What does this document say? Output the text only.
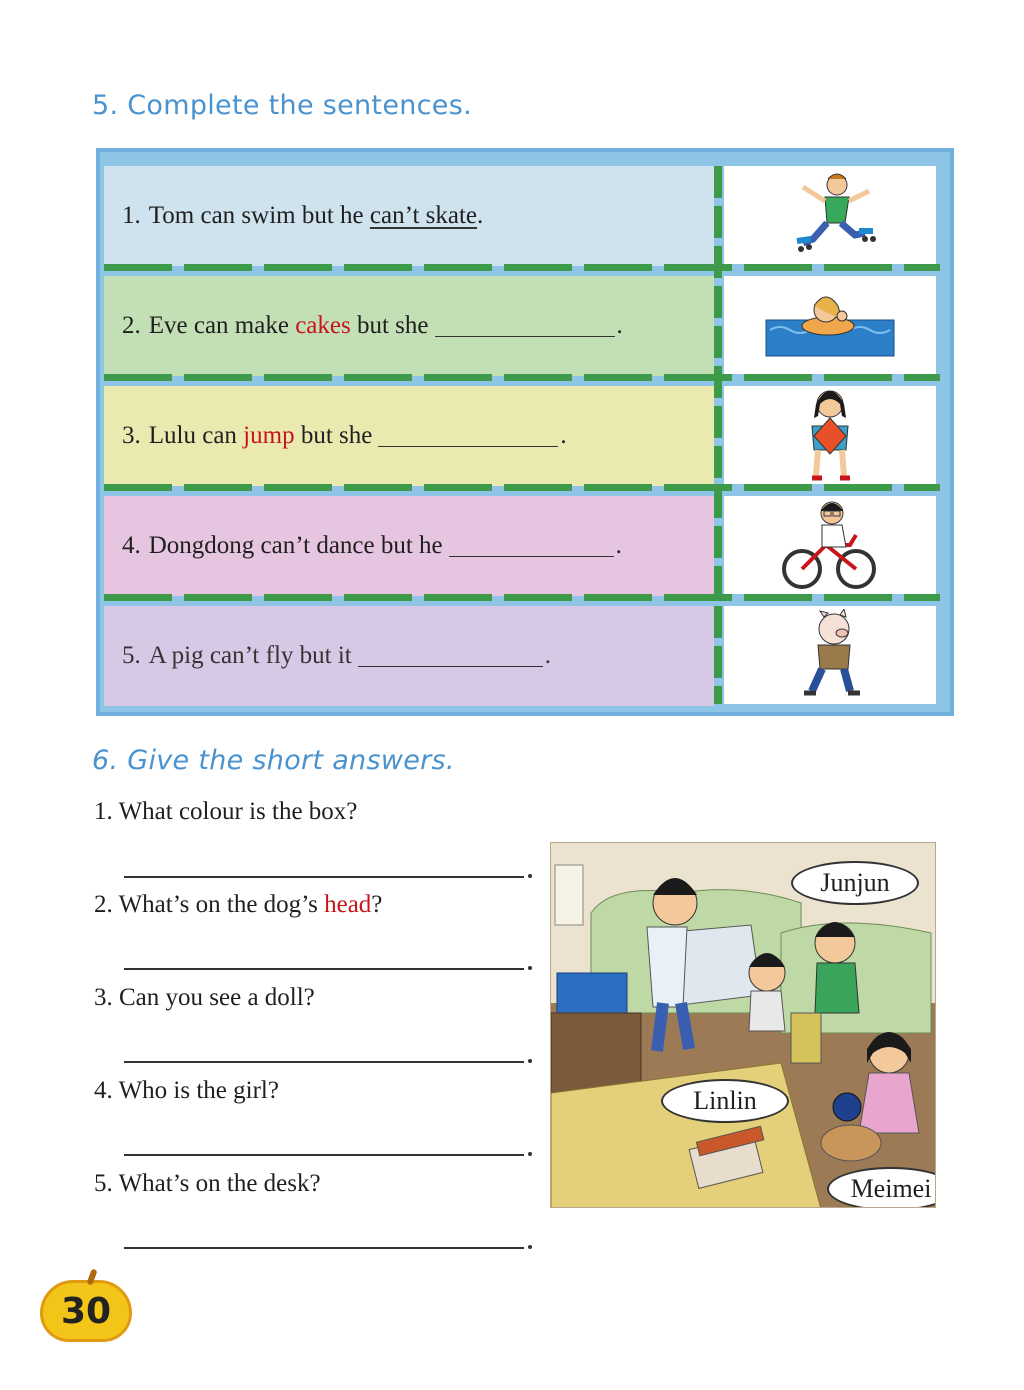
5. Complete the sentences.
1. Tom can swim but he
can’t skate .
2. Eve can make
cakes
but she	.
3. Lulu can
jump
but she	.
4. Dongdong can’t dance but he	.
5. A pig can’t fly but it	.
6. Give the short answers.
1. What colour is the box?
2. What’s on the dog’s head?
3. Can you see a doll?
4. Who is the girl?
5. What’s on the desk?
Junjun
Linlin
Meimei
30
